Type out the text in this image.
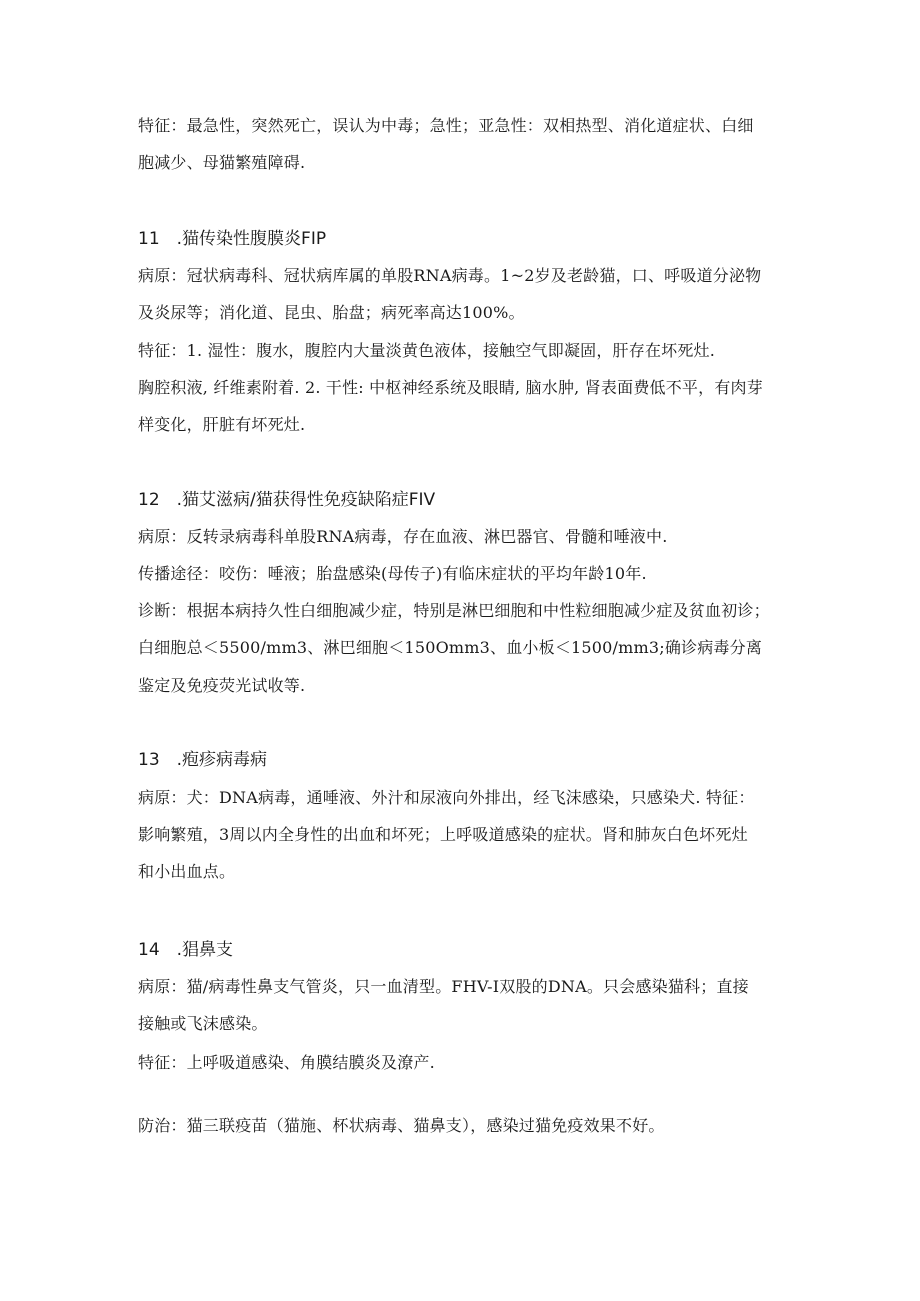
特征：最急性，突然死亡，误认为中毒；急性；亚急性：双相热型、消化道症状、白细
胞减少、母猫繁殖障碍.
11　.猫传染性腹膜炎FIP
病原：冠状病毒科、冠状病库属的单股RNA病毒。1~2岁及老龄猫，口、呼吸道分泌物
及炎尿等；消化道、昆虫、胎盘；病死率高达100%。
特征：1. 湿性：腹水，腹腔内大量淡黄色液体，接触空气即凝固，肝存在坏死灶.
胸腔积液, 纤维素附着. 2. 干性: 中枢神经系统及眼睛, 脑水肿, 肾表面费低不平，有肉芽
样变化，肝脏有坏死灶.
12　.猫艾滋病/猫获得性免疫缺陷症FIV
病原：反转录病毒科单股RNA病毒，存在血液、淋巴器官、骨髓和唾液中.
传播途径：咬伤：唾液；胎盘感染(母传子)有临床症状的平均年龄10年.
诊断：根据本病持久性白细胞减少症，特别是淋巴细胞和中性粒细胞减少症及贫血初诊；
白细胞总＜5500∕mm3、淋巴细胞＜150Omm3、血小板＜1500∕mm3;确诊病毒分离
鉴定及免疫荧光试收等.
13　.疱疹病毒病
病原：犬：DNA病毒，通唾液、外汁和尿液向外排出，经飞沫感染，只感染犬. 特征：
影响繁殖，3周以内全身性的出血和坏死；上呼吸道感染的症状。肾和肺灰白色坏死灶
和小出血点。
14　.猖鼻支
病原：猫/病毒性鼻支气管炎，只一血清型。FHV-I双股的DNA。只会感染猫科；直接
接触或飞沫感染。
特征：上呼吸道感染、角膜结膜炎及潦产.
防治：猫三联疫苗（猫施、杯状病毒、猫鼻支），感染过猫免疫效果不好。
